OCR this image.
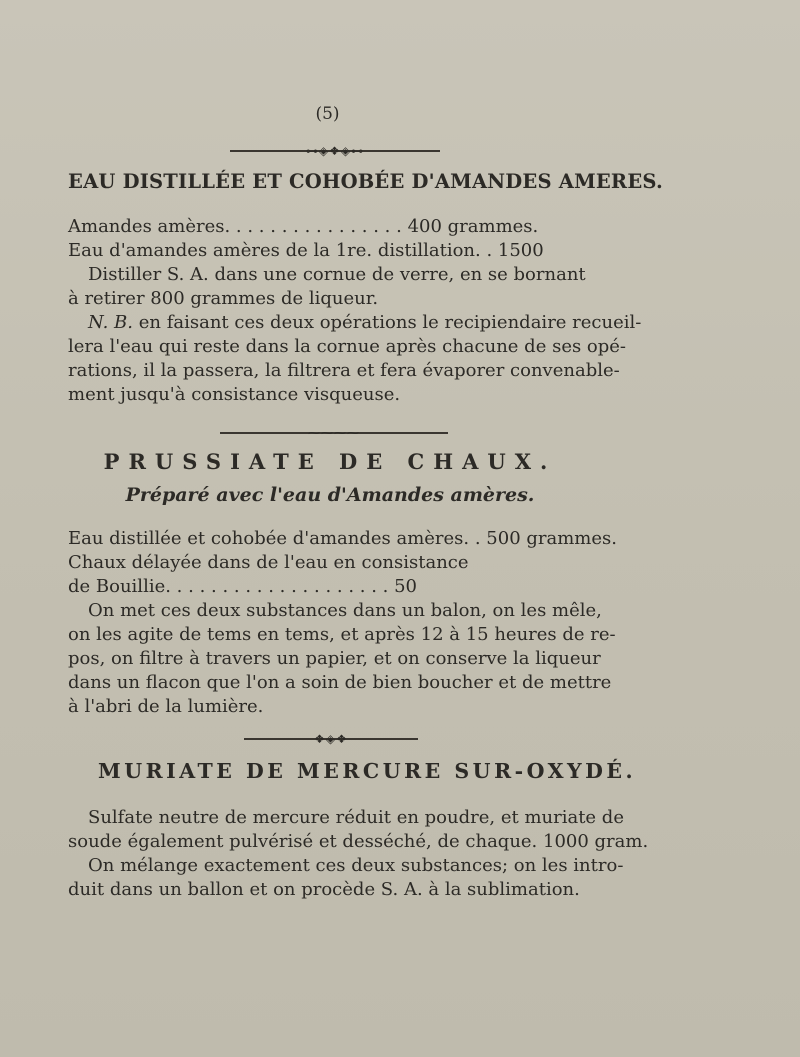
(5)
⊶◈❖◈⊷
EAU DISTILLÉE ET COHOBÉE D'AMANDES AMERES.
Amandes amères. . . . . . . . . . . . . . . . 400 grammes.
Eau d'amandes amères de la 1re. distillation. . 1500
Distiller S. A. dans une cornue de verre, en se bornant
à retirer 800 grammes de liqueur.
N. B. en faisant ces deux opérations le recipiendaire recueil-
lera l'eau qui reste dans la cornue après chacune de ses opé-
rations, il la passera, la filtrera et fera évaporer convenable-
ment jusqu'à consistance visqueuse.
⁓⁓⁓⁓
PRUSSIATE DE CHAUX.
Préparé avec l'eau d'Amandes amères.
Eau distillée et cohobée d'amandes amères. . 500 grammes.
Chaux délayée dans de l'eau en consistance
de Bouillie. . . . . . . . . . . . . . . . . . . . 50
On met ces deux substances dans un balon, on les mêle,
on les agite de tems en tems, et après 12 à 15 heures de re-
pos, on filtre à travers un papier, et on conserve la liqueur
dans un flacon que l'on a soin de bien boucher et de mettre
à l'abri de la lumière.
❖◈❖
MURIATE DE MERCURE SUR-OXYDÉ.
Sulfate neutre de mercure réduit en poudre, et muriate de
soude également pulvérisé et desséché, de chaque. 1000 gram.
On mélange exactement ces deux substances; on les intro-
duit dans un ballon et on procède S. A. à la sublimation.
